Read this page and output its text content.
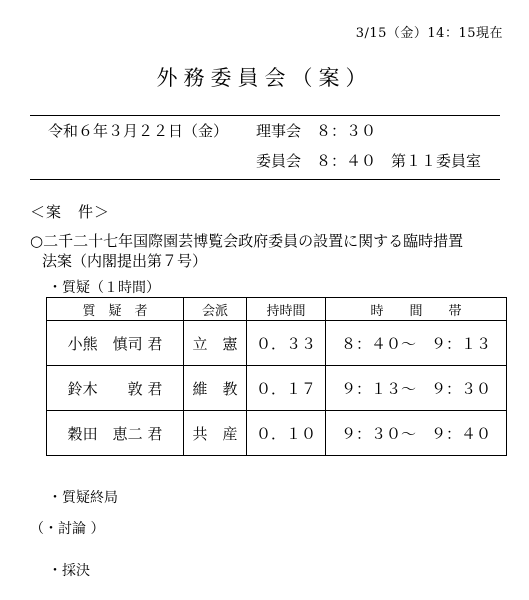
3/15（金）14：15現在
外務委員会（案）
令和６年３月２２日（金） 理事会　８：３０
委員会　８：４０　第１１委員室
＜案　件＞
○二千二十七年国際園芸博覧会政府委員の設置に関する臨時措置
法案（内閣提出第７号）
・質疑（１時間）
質　疑　者	会派	持時間	時　　間　　帯
小熊　慎司 君	立　憲	０．３３	８：４０～　９：１３
鈴木　　敦 君	維　教	０．１７	９：１３～　９：３０
穀田　恵二 君	共　産	０．１０	９：３０～　９：４０
・質疑終局
（・討論 ）
・採決
